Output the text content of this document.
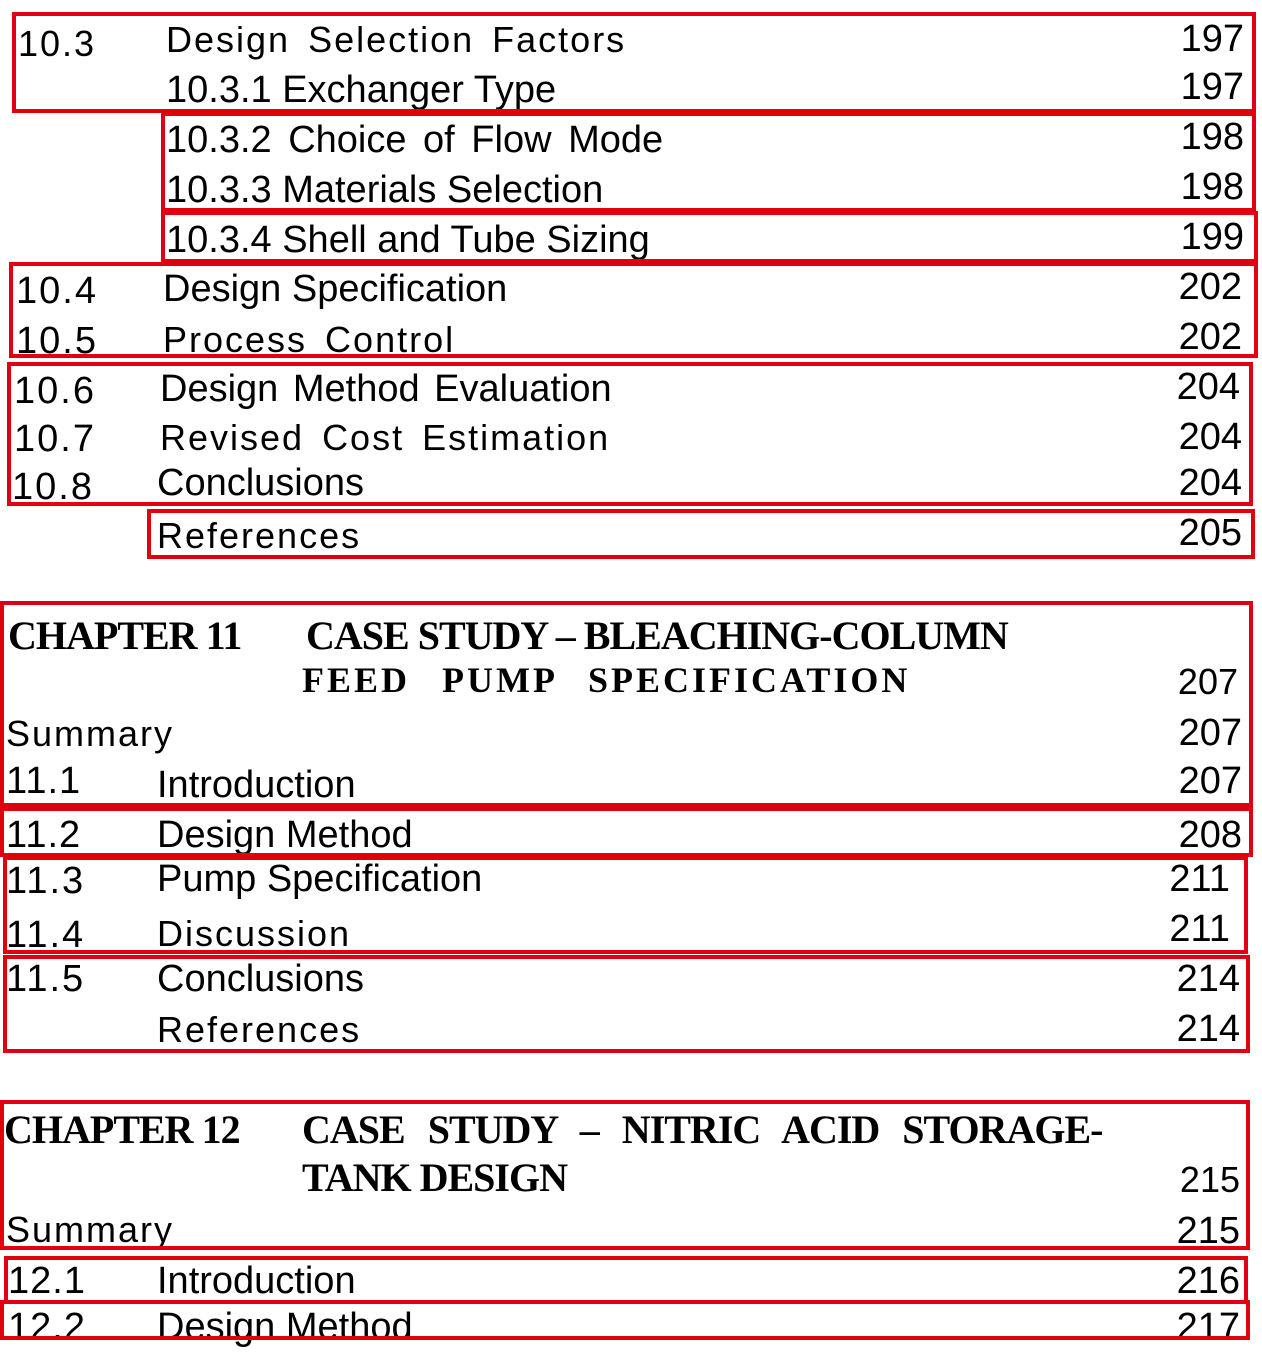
10.3 Design Selection Factors	197
10.3.1 Exchanger Type	197
10.3.2 Choice of Flow Mode	198
10.3.3 Materials Selection	198
10.3.4 Shell and Tube Sizing	199
10.4 Design Specification	202
10.5 Process Control	202
10.6 Design Method Evaluation	204
10.7 Revised Cost Estimation	204
10.8 Conclusions	204
References	205
CHAPTER 11 CASE STUDY – BLEACHING-COLUMN
FEED PUMP SPECIFICATION	207
Summary	207
11.1 Introduction	207
11.2 Design Method	208
11.3 Pump Specification	211
11.4 Discussion	211
11.5 Conclusions	214
References	214
CHAPTER 12 CASE STUDY – NITRIC ACID STORAGE-
TANK DESIGN	215
Summary	215
12.1 Introduction	216
12.2 Design Method	217
